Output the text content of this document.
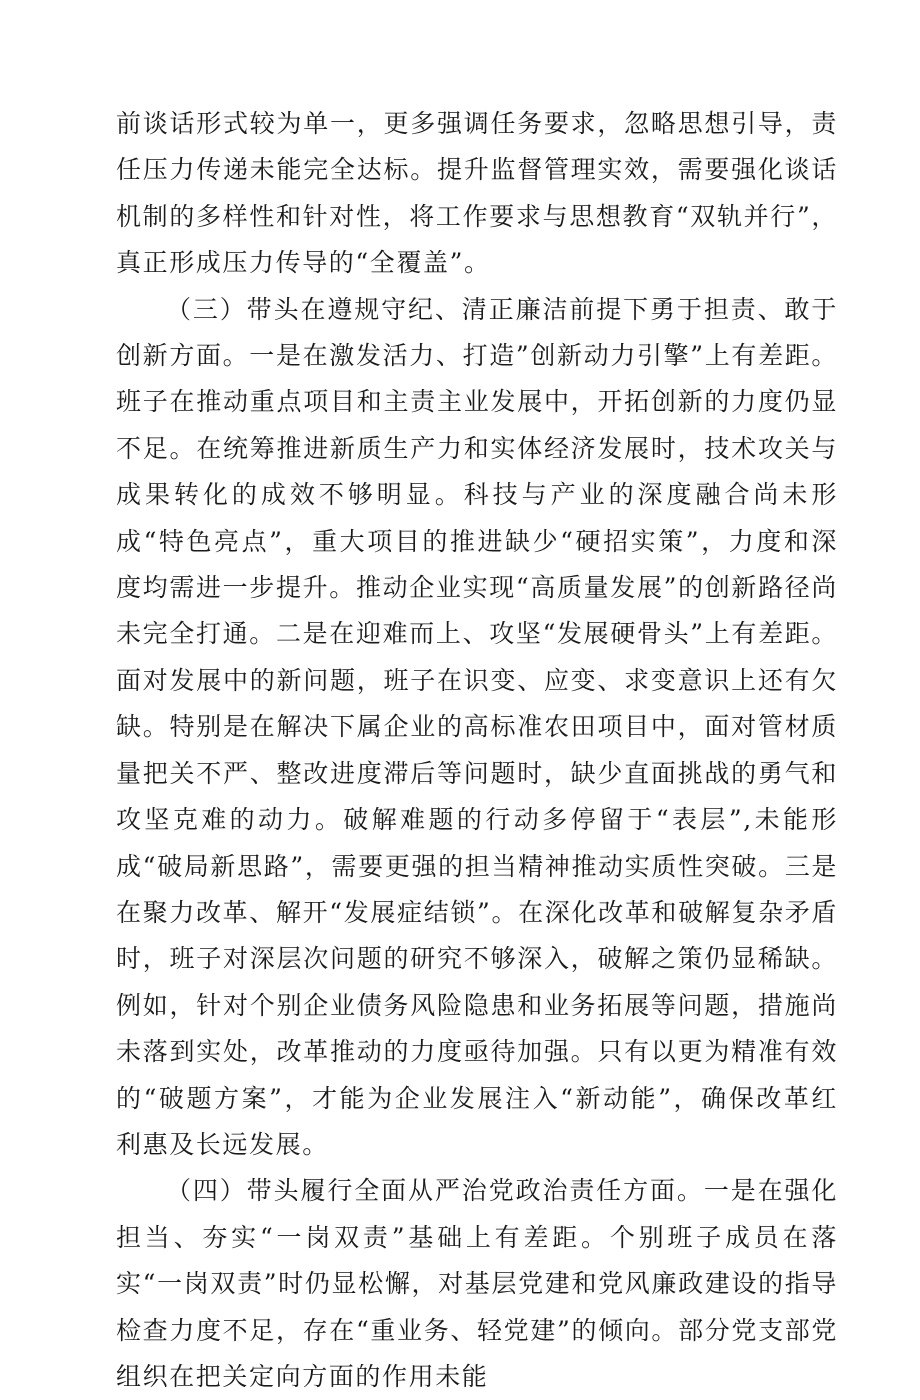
前谈话形式较为单一，更多强调任务要求，忽略思想引导，责任压力传递未能完全达标。提升监督管理实效，需要强化谈话机制的多样性和针对性，将工作要求与思想教育“双轨并行”，真正形成压力传导的“全覆盖”。

（三）带头在遵规守纪、清正廉洁前提下勇于担责、敢于创新方面。一是在激发活力、打造”创新动力引擎”上有差距。班子在推动重点项目和主责主业发展中，开拓创新的力度仍显不足。在统筹推进新质生产力和实体经济发展时，技术攻关与成果转化的成效不够明显。科技与产业的深度融合尚未形成“特色亮点”，重大项目的推进缺少“硬招实策”，力度和深度均需进一步提升。推动企业实现“高质量发展”的创新路径尚未完全打通。二是在迎难而上、攻坚“发展硬骨头”上有差距。面对发展中的新问题，班子在识变、应变、求变意识上还有欠缺。特别是在解决下属企业的高标准农田项目中，面对管材质量把关不严、整改进度滞后等问题时，缺少直面挑战的勇气和攻坚克难的动力。破解难题的行动多停留于“表层”,未能形成“破局新思路”，需要更强的担当精神推动实质性突破。三是在聚力改革、解开“发展症结锁”。在深化改革和破解复杂矛盾时，班子对深层次问题的研究不够深入，破解之策仍显稀缺。例如，针对个别企业债务风险隐患和业务拓展等问题，措施尚未落到实处，改革推动的力度亟待加强。只有以更为精准有效的“破题方案”，才能为企业发展注入“新动能”，确保改革红利惠及长远发展。

（四）带头履行全面从严治党政治责任方面。一是在强化担当、夯实“一岗双责”基础上有差距。个别班子成员在落实“一岗双责”时仍显松懈，对基层党建和党风廉政建设的指导检查力度不足，存在“重业务、轻党建”的倾向。部分党支部党组织在把关定向方面的作用未能
